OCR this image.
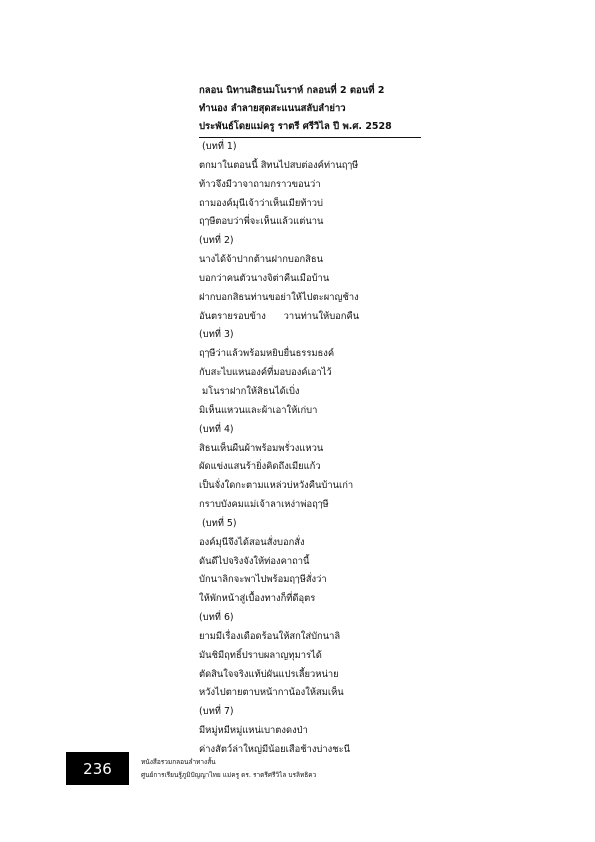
กลอน นิทานสิธนมโนราห์ กลอนที่ 2 ตอนที่ 2
ทำนอง ลำลายสุดสะแนนสลับลำย่าว
ประพันธ์โดยแม่ครู ราตรี ศรีวิไล ปี พ.ศ. 2528
(บทที่ 1)
ตกมาในตอนนี้ สิทนไปสบต่องค์ท่านฤๅษี
ท้าวจึงมีวาจาถามกราวขอนว่า
ถามองค์มุนีเจ้าว่าเห็นเมียท้าวบ่
ฤๅษีตอบว่าพี่จะเห็นแล้วแต่นาน
(บทที่ 2)
นางได้จ้าปากต้านฝากบอกสิธน
บอกว่าคนตัวนางจิต่าคืนเมือบ้าน
ฝากบอกสิธนท่านขอย่าให้ไปตะผาญช้าง
อันตรายรอบข้าง      วานท่านให้บอกคืน
(บทที่ 3)
ฤๅษีว่าแล้วพร้อมหยิบยื่นธรรมธงค์
กับสะไบแหนองค์ที่มอบองค์เอาไว้
มโนราฝากให้สิธนได้เบิ่ง
มิเห็นแหวนและผ้าเอาให้เก่บา
(บทที่ 4)
สิธนเห็นผืนผ้าพร้อมพรั่วงแหวน
ผัดแข่งแสนร้ายิ่งคิดถึงเมียแก้ว
เป็นจั่งใดกะตามแหล่วบ่หวังคืนบ้านเก่า
กราบบังคมแม่เจ้าลาเหง่าพ่อฤๅษี
(บทที่ 5)
องค์มุนีจึงได้สอนสั่งบอกสั่ง
ดันดีไปจริงจังให้ท่องคาถานี้
บักนาลิกจะพาไปพร้อมฤๅษีสั่งว่า
ให้พักหน้าสู่เบื้องทางก็ที่ดีอุตร
(บทที่ 6)
ยามมีเรื่องเดือดร้อนให้สกใส่บักนาลิ
มันชิมีฤทธิ์ปราบผลาญทุมารได้
ตัดสินใจจริงแท้บ่ผันแปรเลี้ยวหน่าย
หวังไปตายตาบหน้ากาน้องให้สมเห็น
(บทที่ 7)
มีหมู่หมีหมู่แหน่เบาตงดงป่า
ค่างสัตว์ล่าใหญ่มีน้อยเสือช้างบ่างชะนี
236	หนังสือรวมกลอนลำทางสั้น
ศูนย์การเรียนรู้ภูมิปัญญาไทย แม่ครู ดร. ราตรีศรีวิไล บรลิทธิคว
